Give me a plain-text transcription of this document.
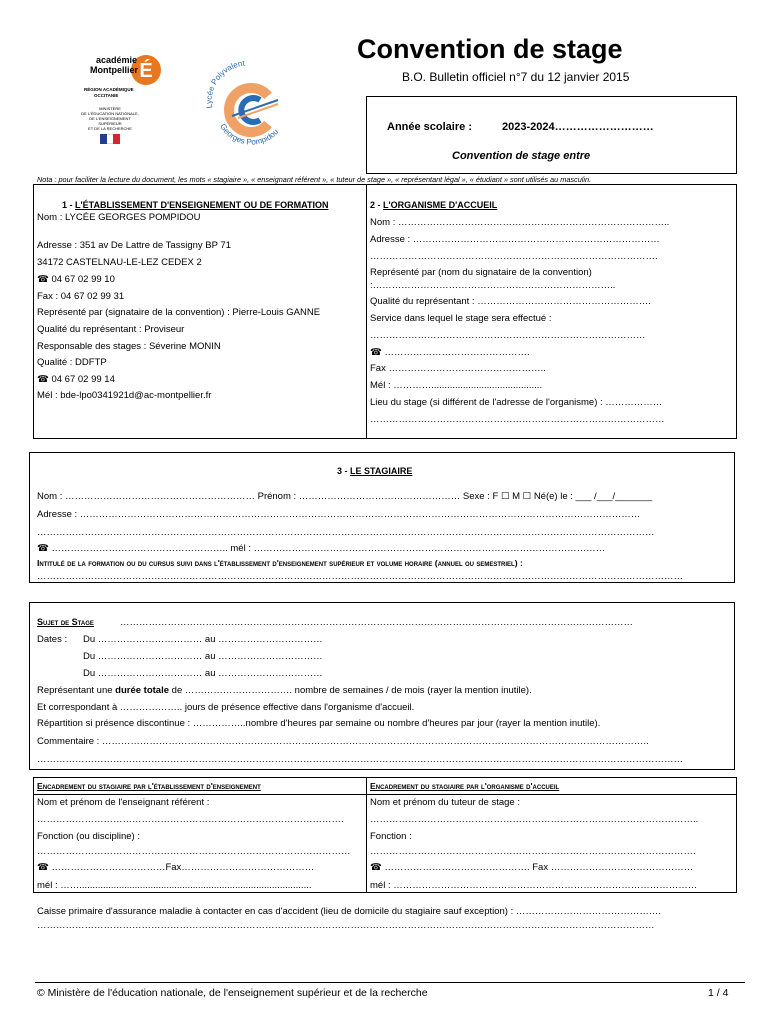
É
académie
Montpellier
RÉGION ACADÉMIQUE
OCCITANIE
MINISTÈRE
DE L'ÉDUCATION NATIONALE,
DE L'ENSEIGNEMENT SUPÉRIEUR
ET DE LA RECHERCHE
Lycée Polyvalent
Georges Pompidou
Convention de stage
B.O. Bulletin officiel n°7 du 12 janvier 2015
Année scolaire :	2023-2024………………………
Convention de stage entre
Nota : pour faciliter la lecture du document, les mots « stagiaire », « enseignant référent », « tuteur de stage », « représentant légal », « étudiant » sont utilisés au masculin.
1 - L'ÉTABLISSEMENT D'ENSEIGNEMENT OU DE FORMATION
Nom : LYCÉE GEORGES POMPIDOU
Adresse : 351 av De Lattre de Tassigny BP 71
34172 CASTELNAU-LE-LEZ CEDEX 2
☎ 04 67 02 99 10
Fax : 04 67 02 99 31
Représenté par (signataire de la convention) : Pierre-Louis GANNE
Qualité du représentant : Proviseur
Responsable des stages : Séverine MONIN
Qualité : DDFTP
☎ 04 67 02 99 14
Mél : bde-lpo0341921d@ac-montpellier.fr
2 - L'ORGANISME D'ACCUEIL
Nom : …………………………………………………………………………..
Adresse : ……………………………………………………………………
……………………………………………………………………………….
Représenté par (nom du signataire de la convention)
:…………………………………………………………………..
Qualité du représentant : ……………………………………………….
Service dans lequel le stage sera effectué :
……………………………………………………………………………
☎ ……………………………………….
Fax …………………………………………..
Mél : …………..........................................
Lieu du stage (si différent de l'adresse de l'organisme) : ………………
…………………………………………………………………………………
3 - LE STAGIAIRE
Nom : …………………………………………………… Prénom : …………………………………………… Sexe : F ☐ M ☐ Né(e) le : ___ /___/_______
Adresse : ……………………………………………………………………………………………………………………………………………………………
……………………………………………………………………………………………………………………………………………………………………………
☎ ……………………………………………….. mél : …………………………………………………………………………………………………
Intitulé de la formation ou du cursus suivi dans l'établissement d'enseignement supérieur et volume horaire (annuel ou semestriel) :
……………………………………………………………………………………………………………………………………………………………………………………
Sujet de Stage	………………………………………………………………………………………………………………………………………………
Dates : Du …………………………… au ……………………………
Du …………………………… au ……………………………
Du …………………………… au ……………………………
Représentant une durée totale de ……………………………. nombre de semaines / de mois (rayer la mention inutile).
Et correspondant à ……………….. jours de présence effective dans l'organisme d'accueil.
Répartition si présence discontinue : ……………..nombre d'heures par semaine ou nombre d'heures par jour (rayer la mention inutile).
Commentaire : ………………………………………………………………………………………………………………………………………………………..
……………………………………………………………………………………………………………………………………………………………………………………
Encadrement du stagiaire par l'établissement d'enseignement	Encadrement du stagiaire par l'organisme d'accueil
Nom et prénom de l'enseignant référent :
…………………………………………………………………………………….
Fonction (ou discipline) :
………………………………………………………………………………………
☎ ………………………………Fax……………………………………
mél : ……........................................................................................
Nom et prénom du tuteur de stage :
…………………………………………………………………………………………..
Fonction :
………………………………………………………………………………………….
☎ ………………………………………. Fax ………………………………………
mél : ……………………………………………………………………………………
Caisse primaire d'assurance maladie à contacter en cas d'accident (lieu de domicile du stagiaire sauf exception) : ……………………………………….
……………………………………………………………………………………………………………………………………………………………………………
© Ministère de l'éducation nationale, de l'enseignement supérieur et de la recherche	1 / 4
